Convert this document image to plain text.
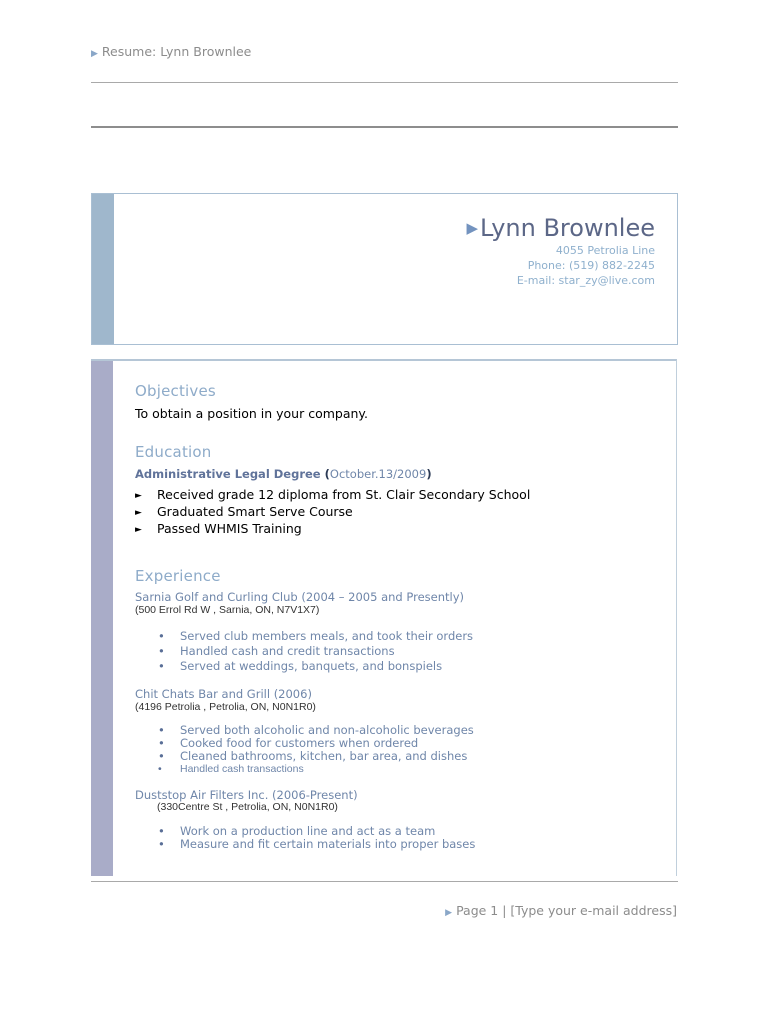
▶ Resume: Lynn Brownlee
▶Lynn Brownlee
4055 Petrolia Line
Phone: (519) 882-2245
E-mail: star_zy@live.com
Objectives
To obtain a position in your company.
Education
Administrative Legal Degree (October.13/2009)
► Received grade 12 diploma from St. Clair Secondary School
► Graduated Smart Serve Course
► Passed WHMIS Training
Experience
Sarnia Golf and Curling Club (2004 – 2005 and Presently)
(500 Errol Rd W , Sarnia, ON, N7V1X7)
• Served club members meals, and took their orders
• Handled cash and credit transactions
• Served at weddings, banquets, and bonspiels
Chit Chats Bar and Grill (2006)
(4196 Petrolia , Petrolia, ON, N0N1R0)
• Served both alcoholic and non-alcoholic beverages
• Cooked food for customers when ordered
• Cleaned bathrooms, kitchen, bar area, and dishes
• Handled cash transactions
Duststop Air Filters Inc. (2006-Present)
(330Centre St , Petrolia, ON, N0N1R0)
• Work on a production line and act as a team
• Measure and fit certain materials into proper bases
▶ Page 1 | [Type your e-mail address]
